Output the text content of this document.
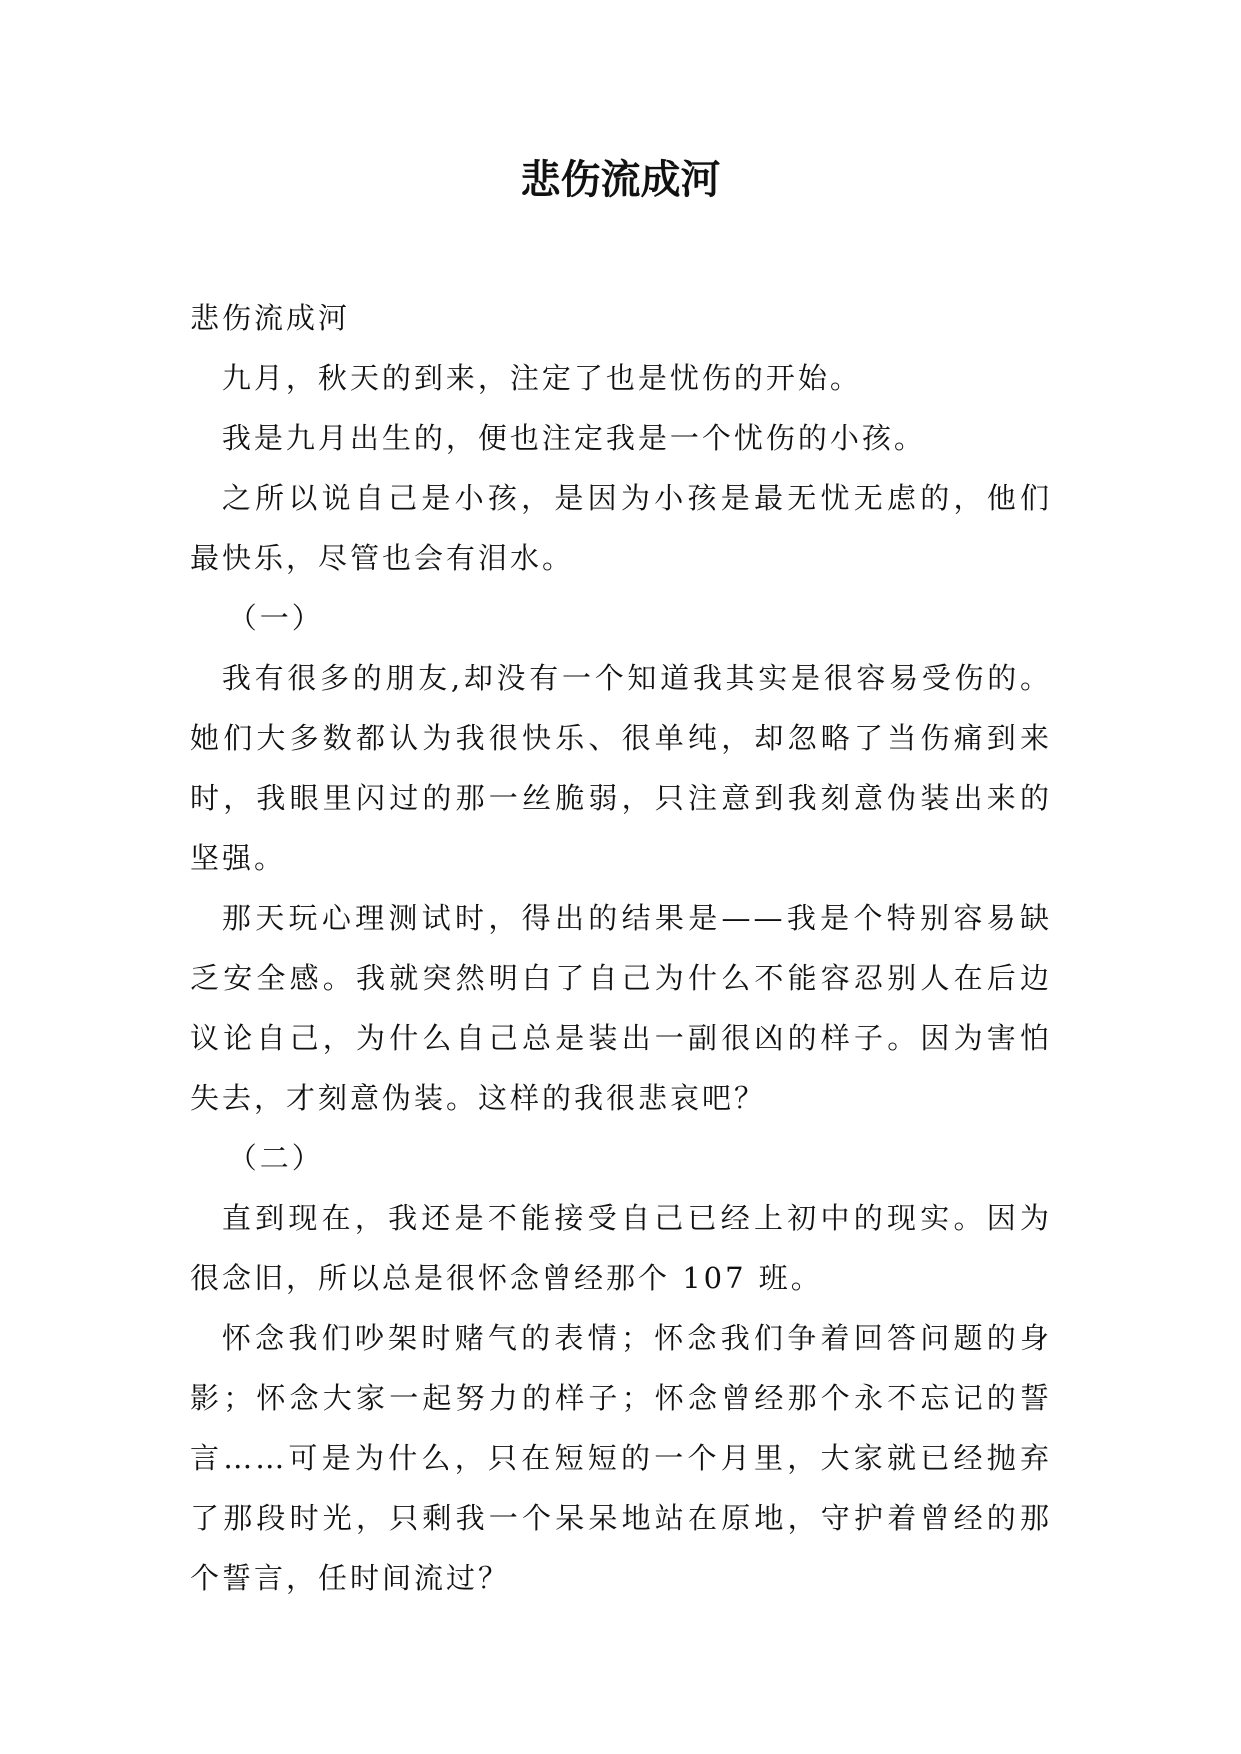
悲伤流成河

悲伤流成河

九月，秋天的到来，注定了也是忧伤的开始。

我是九月出生的，便也注定我是一个忧伤的小孩。

之所以说自己是小孩，是因为小孩是最无忧无虑的，他们最快乐，尽管也会有泪水。

（一）

我有很多的朋友,却没有一个知道我其实是很容易受伤的。她们大多数都认为我很快乐、很单纯，却忽略了当伤痛到来时，我眼里闪过的那一丝脆弱，只注意到我刻意伪装出来的坚强。

那天玩心理测试时，得出的结果是——我是个特别容易缺乏安全感。我就突然明白了自己为什么不能容忍别人在后边议论自己，为什么自己总是装出一副很凶的样子。因为害怕失去，才刻意伪装。这样的我很悲哀吧？

（二）

直到现在，我还是不能接受自己已经上初中的现实。因为很念旧，所以总是很怀念曾经那个 107 班。

怀念我们吵架时赌气的表情；怀念我们争着回答问题的身影；怀念大家一起努力的样子；怀念曾经那个永不忘记的誓言……可是为什么，只在短短的一个月里，大家就已经抛弃了那段时光，只剩我一个呆呆地站在原地，守护着曾经的那个誓言，任时间流过？
